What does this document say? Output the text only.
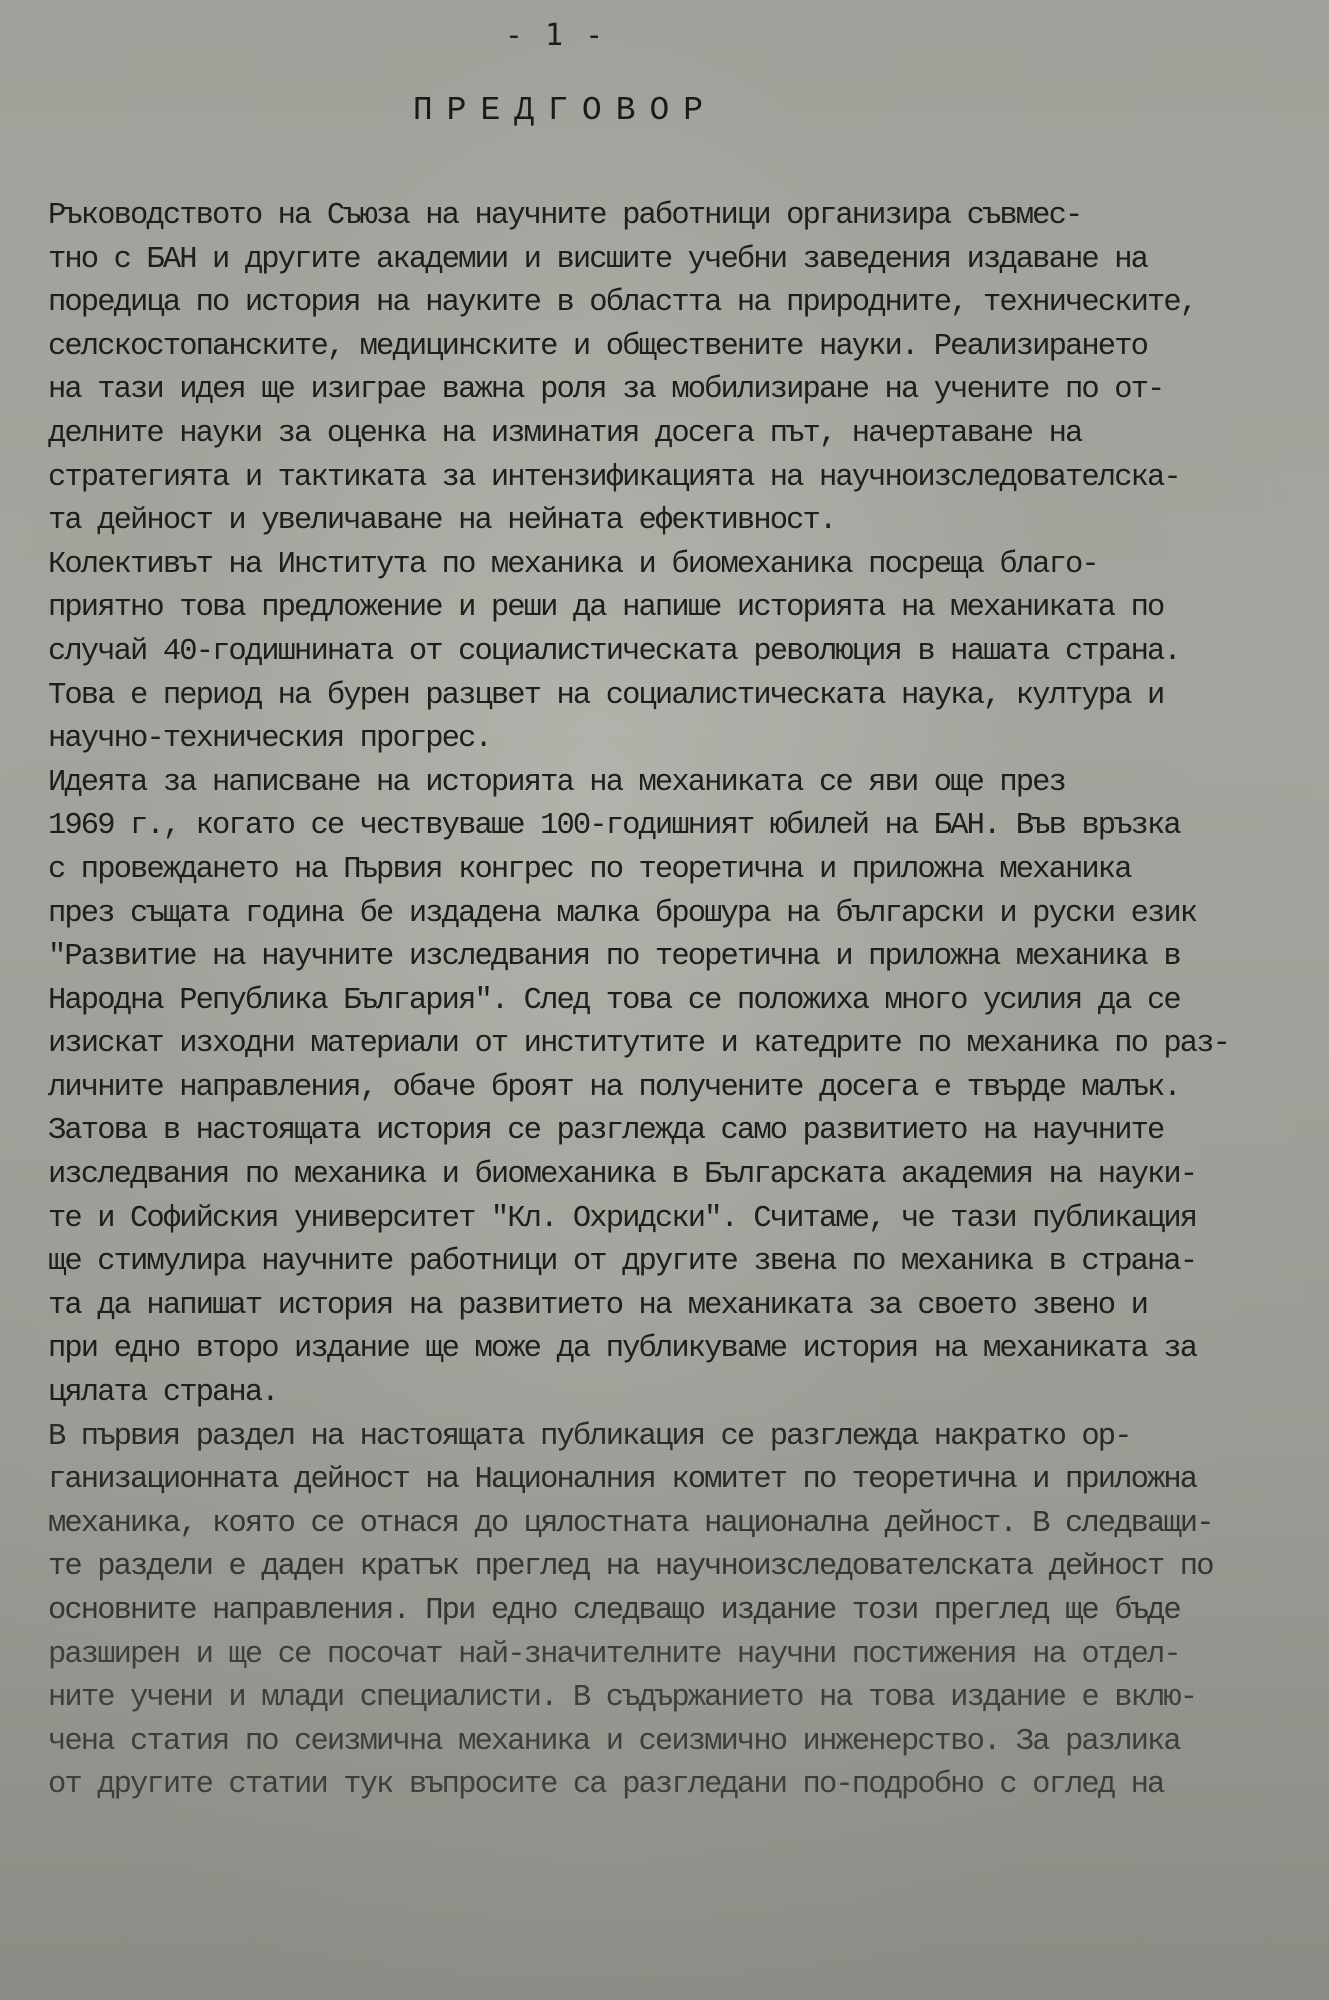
- 1 -
ПРЕДГОВОР
Ръководството на Съюза на научните работници организира съвмес-
тно с БАН и другите академии и висшите учебни заведения издаване на
поредица по история на науките в областта на природните, техническите,
селскостопанските, медицинските и обществените науки. Реализирането
на тази идея ще изиграе важна роля за мобилизиране на учените по от-
делните науки за оценка на изминатия досега път, начертаване на
стратегията и тактиката за интензификацията на научноизследователска-
та дейност и увеличаване на нейната ефективност.
Колективът на Института по механика и биомеханика посреща благо-
приятно това предложение и реши да напише историята на механиката по
случай 40-годишнината от социалистическата революция в нашата страна.
Това е период на бурен разцвет на социалистическата наука, култура и
научно-техническия прогрес.
Идеята за написване на историята на механиката се яви още през
1969 г., когато се чествуваше 100-годишният юбилей на БАН. Във връзка
с провеждането на Първия конгрес по теоретична и приложна механика
през същата година бе издадена малка брошура на български и руски език
"Развитие на научните изследвания по теоретична и приложна механика в
Народна Република България". След това се положиха много усилия да се
изискат изходни материали от институтите и катедрите по механика по раз-
личните направления, обаче броят на получените досега е твърде малък.
Затова в настоящата история се разглежда само развитието на научните
изследвания по механика и биомеханика в Българската академия на науки-
те и Софийския университет "Кл. Охридски". Считаме, че тази публикация
ще стимулира научните работници от другите звена по механика в страна-
та да напишат история на развитието на механиката за своето звено и
при едно второ издание ще може да публикуваме история на механиката за
цялата страна.
В първия раздел на настоящата публикация се разглежда накратко ор-
ганизационната дейност на Националния комитет по теоретична и приложна
механика, която се отнася до цялостната национална дейност. В следващи-
те раздели е даден кратък преглед на научноизследователската дейност по
основните направления. При едно следващо издание този преглед ще бъде
разширен и ще се посочат най-значителните научни постижения на отдел-
ните учени и млади специалисти. В съдържанието на това издание е вклю-
чена статия по сеизмична механика и сеизмично инженерство. За разлика
от другите статии тук въпросите са разгледани по-подробно с оглед на
